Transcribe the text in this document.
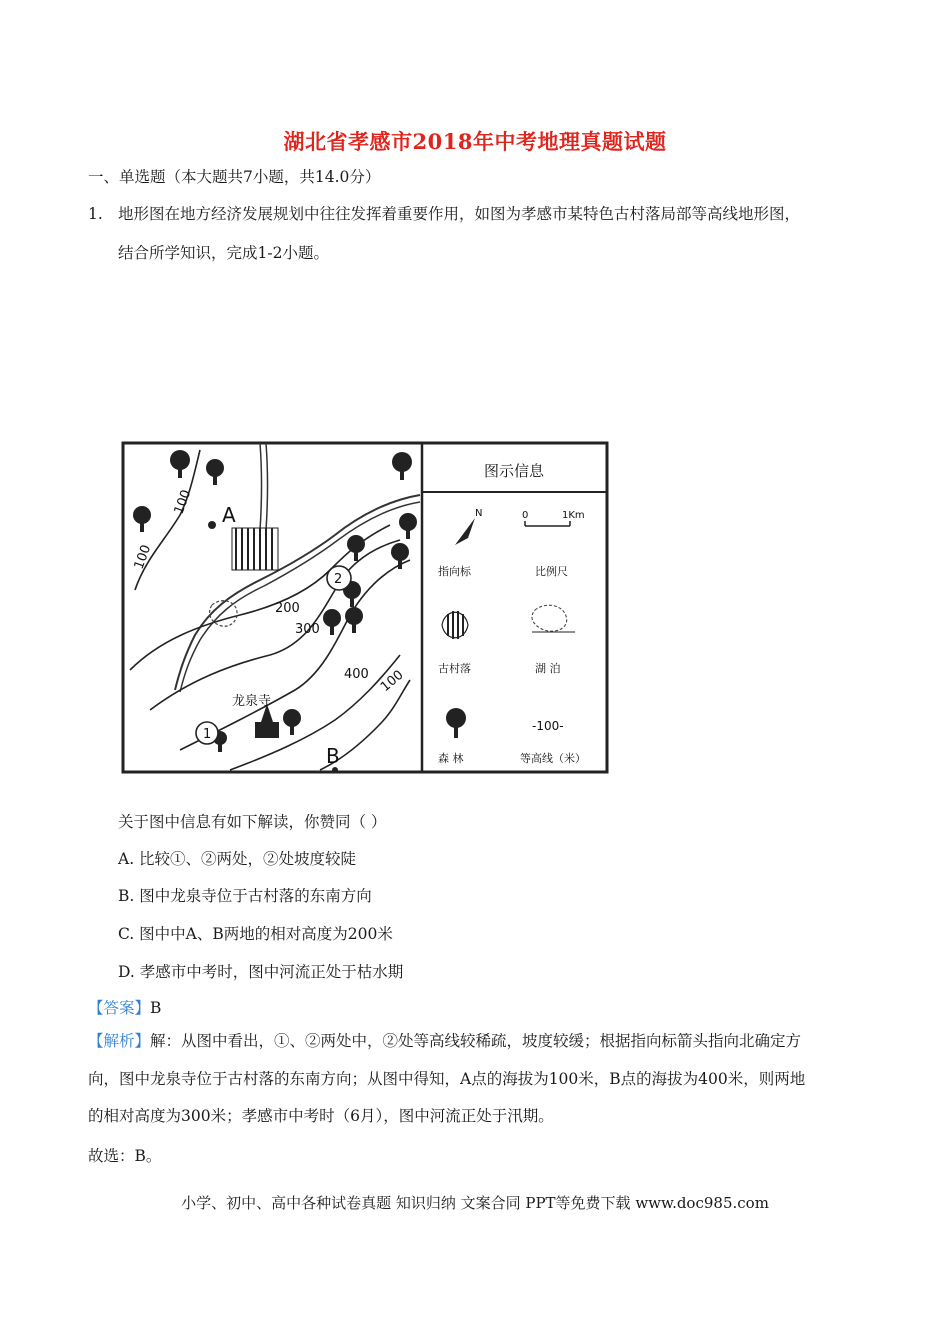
湖北省孝感市2018年中考地理真题试题
一、单选题（本大题共7小题，共14.0分）
1. 地形图在地方经济发展规划中往往发挥着重要作用，如图为孝感市某特色古村落局部等高线地形图，
结合所学知识，完成1-2小题。
A
B
1
2
龙泉寺
100
100
200
300
400 100
图示信息
N
指向标
0	1Km
比例尺
古村落	湖 泊
森 林
-100-
等高线（米）
关于图中信息有如下解读，你赞同（ ）
A. 比较①、②两处，②处坡度较陡
B. 图中龙泉寺位于古村落的东南方向
C. 图中中A、B两地的相对高度为200米
D. 孝感市中考时，图中河流正处于枯水期
【答案】B
【解析】解：从图中看出，①、②两处中，②处等高线较稀疏，坡度较缓；根据指向标箭头指向北确定方
向，图中龙泉寺位于古村落的东南方向；从图中得知，A点的海拔为100米，B点的海拔为400米，则两地
的相对高度为300米；孝感市中考时（6月），图中河流正处于汛期。
故选：B。
小学、初中、高中各种试卷真题 知识归纳 文案合同 PPT等免费下载 www.doc985.com
